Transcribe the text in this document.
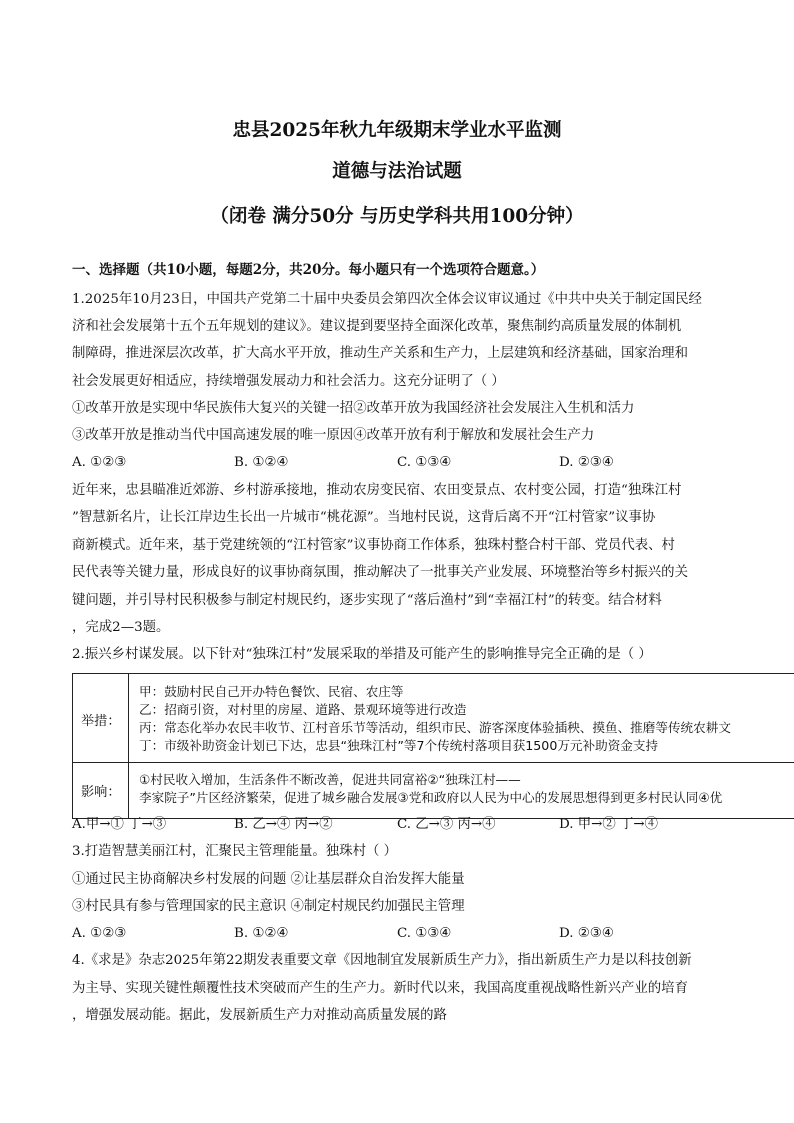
忠县2025年秋九年级期末学业水平监测
道德与法治试题
（闭卷 满分50分 与历史学科共用100分钟）
一、选择题（共10小题，每题2分，共20分。每小题只有一个选项符合题意。）
1.2025年10月23日，中国共产党第二十届中央委员会第四次全体会议审议通过《中共中央关于制定国民经
济和社会发展第十五个五年规划的建议》。建议提到要坚持全面深化改革，聚焦制约高质量发展的体制机
制障碍，推进深层次改革，扩大高水平开放，推动生产关系和生产力，上层建筑和经济基础，国家治理和
社会发展更好相适应，持续增强发展动力和社会活力。这充分证明了（ ）
①改革开放是实现中华民族伟大复兴的关键一招②改革开放为我国经济社会发展注入生机和活力
③改革开放是推动当代中国高速发展的唯一原因④改革开放有利于解放和发展社会生产力
A. ①②③	B. ①②④	C. ①③④	D. ②③④
近年来，忠县瞄准近郊游、乡村游承接地，推动农房变民宿、农田变景点、农村变公园，打造“独珠江村
”智慧新名片，让长江岸边生长出一片城市“桃花源”。当地村民说，这背后离不开“江村管家”议事协
商新模式。近年来，基于党建统领的“江村管家”议事协商工作体系，独珠村整合村干部、党员代表、村
民代表等关键力量，形成良好的议事协商氛围，推动解决了一批事关产业发展、环境整治等乡村振兴的关
键问题，并引导村民积极参与制定村规民约，逐步实现了“落后渔村”到“幸福江村”的转变。结合材料
，完成2—3题。
2.振兴乡村谋发展。以下针对“独珠江村”发展采取的举措及可能产生的影响推导完全正确的是（ ）
举措：
甲：鼓励村民自己开办特色餐饮、民宿、农庄等
乙：招商引资，对村里的房屋、道路、景观环境等进行改造
丙：常态化举办农民丰收节、江村音乐节等活动，组织市民、游客深度体验插秧、摸鱼、推磨等传统农耕文
丁：市级补助资金计划已下达，忠县“独珠江村”等7个传统村落项目获1500万元补助资金支持
影响：
①村民收入增加，生活条件不断改善，促进共同富裕②“独珠江村——
李家院子”片区经济繁荣，促进了城乡融合发展③党和政府以人民为中心的发展思想得到更多村民认同④优
A.甲→① 丁→③	B. 乙→④ 丙→②	C. 乙→③ 丙→④	D. 甲→② 丁→④
3.打造智慧美丽江村，汇聚民主管理能量。独珠村（ ）
①通过民主协商解决乡村发展的问题 ②让基层群众自治发挥大能量
③村民具有参与管理国家的民主意识 ④制定村规民约加强民主管理
A. ①②③	B. ①②④	C. ①③④	D. ②③④
4.《求是》杂志2025年第22期发表重要文章《因地制宜发展新质生产力》，指出新质生产力是以科技创新
为主导、实现关键性颠覆性技术突破而产生的生产力。新时代以来，我国高度重视战略性新兴产业的培育
，增强发展动能。据此，发展新质生产力对推动高质量发展的路
